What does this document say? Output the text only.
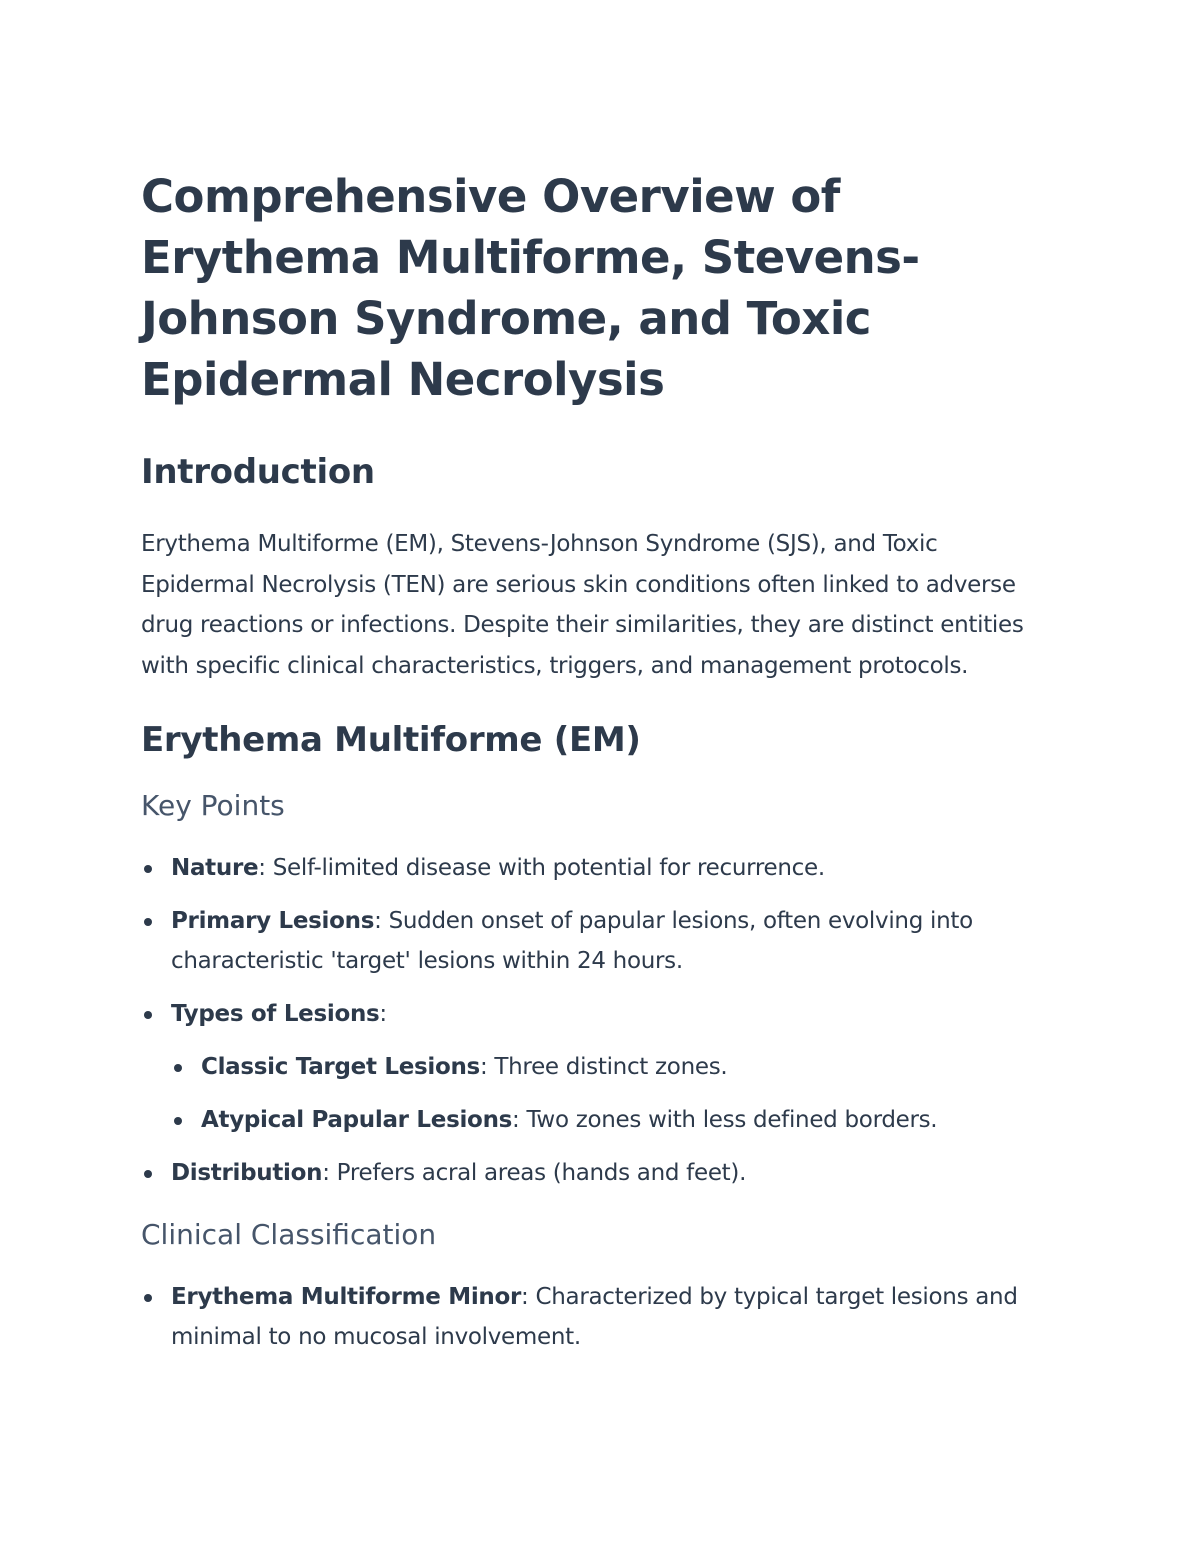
Comprehensive Overview of Erythema Multiforme, Stevens-Johnson Syndrome, and Toxic Epidermal Necrolysis
Introduction

Erythema Multiforme (EM), Stevens-Johnson Syndrome (SJS), and Toxic Epidermal Necrolysis (TEN) are serious skin conditions often linked to adverse drug reactions or infections. Despite their similarities, they are distinct entities with specific clinical characteristics, triggers, and management protocols.

Erythema Multiforme (EM)
Key Points
Nature: Self-limited disease with potential for recurrence.
Primary Lesions: Sudden onset of papular lesions, often evolving into characteristic 'target' lesions within 24 hours.
Types of Lesions:
Classic Target Lesions: Three distinct zones.
Atypical Papular Lesions: Two zones with less defined borders.
Distribution: Prefers acral areas (hands and feet).
Clinical Classification
Erythema Multiforme Minor: Characterized by typical target lesions and minimal to no mucosal involvement.
